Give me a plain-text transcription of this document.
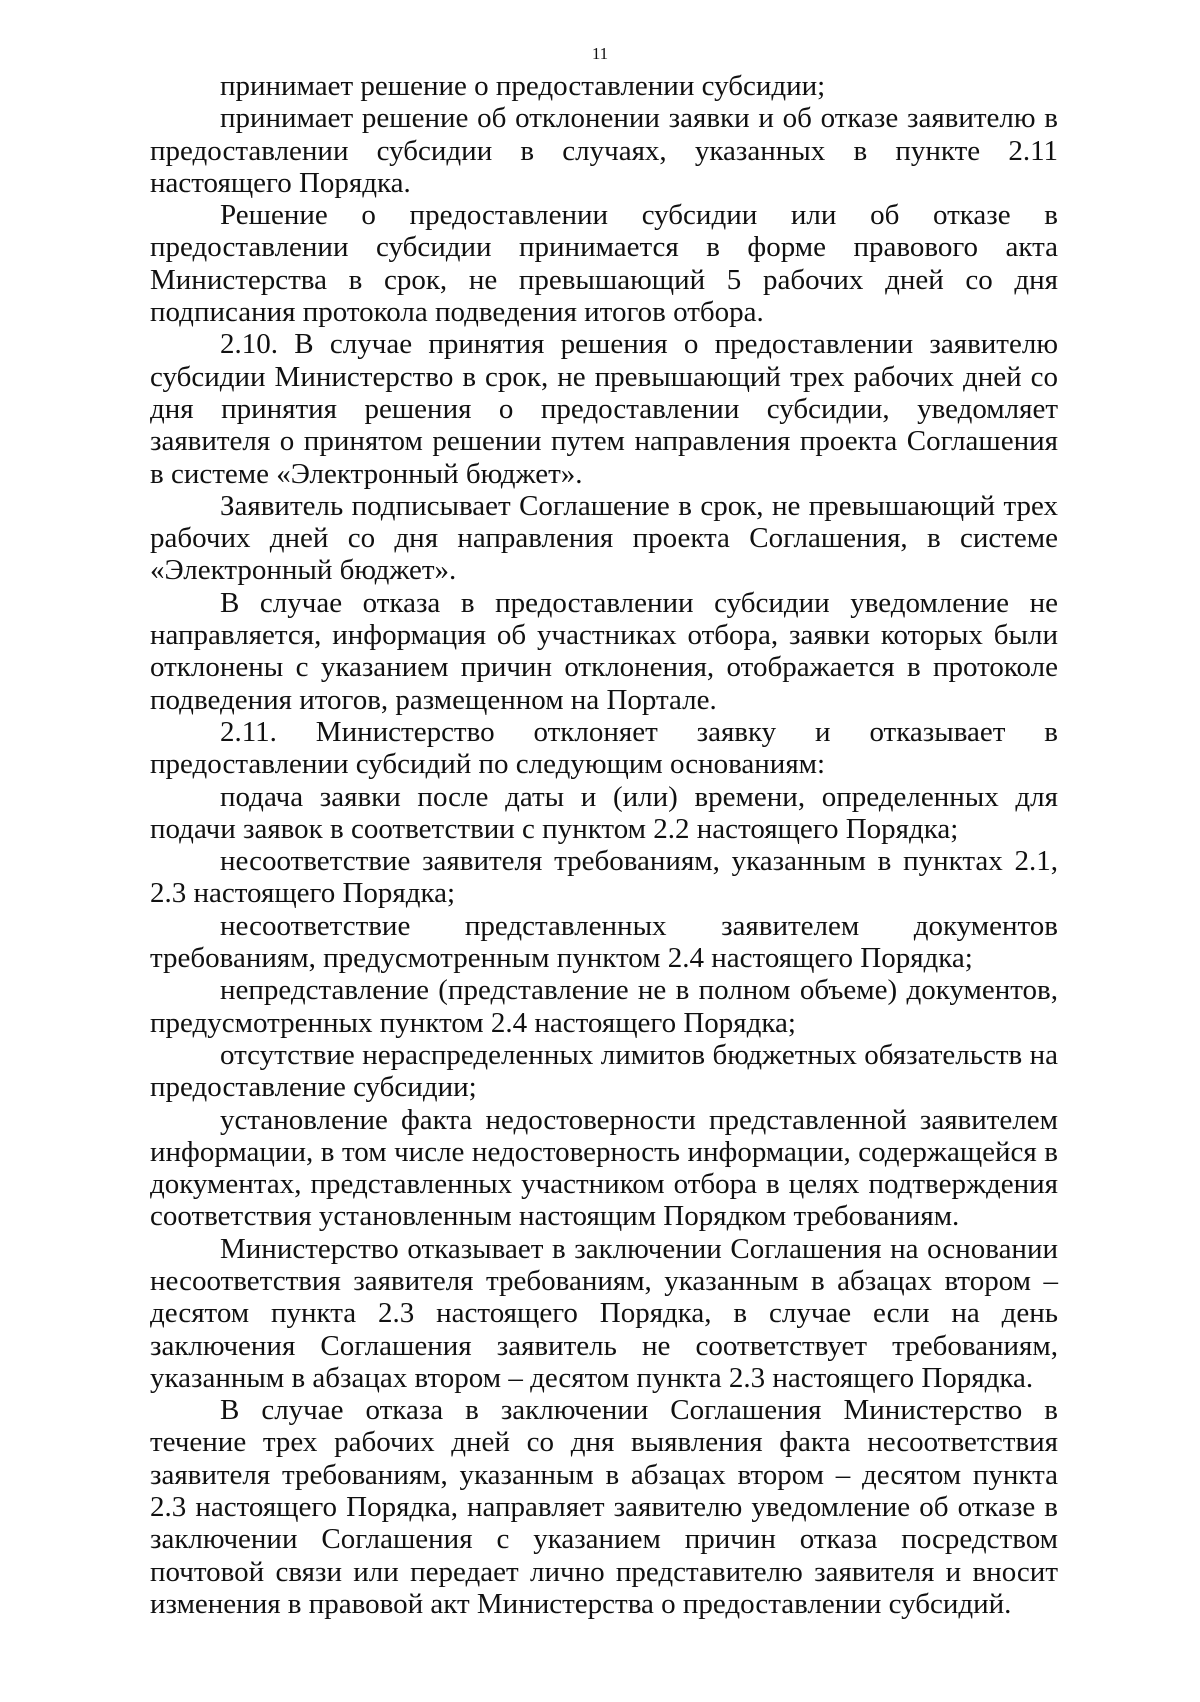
11

принимает решение о предоставлении субсидии;

принимает решение об отклонении заявки и об отказе заявителю в предоставлении субсидии в случаях, указанных в пункте 2.11 настоящего Порядка.

Решение о предоставлении субсидии или об отказе в предоставлении субсидии принимается в форме правового акта Министерства в срок, не превышающий 5 рабочих дней со дня подписания протокола подведения итогов отбора.

2.10. В случае принятия решения о предоставлении заявителю субсидии Министерство в срок, не превышающий трех рабочих дней со дня принятия решения о предоставлении субсидии, уведомляет заявителя о принятом решении путем направления проекта Соглашения в системе «Электронный бюджет».

Заявитель подписывает Соглашение в срок, не превышающий трех рабочих дней со дня направления проекта Соглашения, в системе «Электронный бюджет».

В случае отказа в предоставлении субсидии уведомление не направляется, информация об участниках отбора, заявки которых были отклонены с указанием причин отклонения, отображается в протоколе подведения итогов, размещенном на Портале.

2.11. Министерство отклоняет заявку и отказывает в предоставлении субсидий по следующим основаниям:

подача заявки после даты и (или) времени, определенных для подачи заявок в соответствии с пунктом 2.2 настоящего Порядка;

несоответствие заявителя требованиям, указанным в пунктах 2.1, 2.3 настоящего Порядка;

несоответствие представленных заявителем документов требованиям, предусмотренным пунктом 2.4 настоящего Порядка;

непредставление (представление не в полном объеме) документов, предусмотренных пунктом 2.4 настоящего Порядка;

отсутствие нераспределенных лимитов бюджетных обязательств на предоставление субсидии;

установление факта недостоверности представленной заявителем информации, в том числе недостоверность информации, содержащейся в документах, представленных участником отбора в целях подтверждения соответствия установленным настоящим Порядком требованиям.

Министерство отказывает в заключении Соглашения на основании несоответствия заявителя требованиям, указанным в абзацах втором – десятом пункта 2.3 настоящего Порядка, в случае если на день заключения Соглашения заявитель не соответствует требованиям, указанным в абзацах втором – десятом пункта 2.3 настоящего Порядка.

В случае отказа в заключении Соглашения Министерство в течение трех рабочих дней со дня выявления факта несоответствия заявителя требованиям, указанным в абзацах втором – десятом пункта 2.3 настоящего Порядка, направляет заявителю уведомление об отказе в заключении Соглашения с указанием причин отказа посредством почтовой связи или передает лично представителю заявителя и вносит изменения в правовой акт Министерства о предоставлении субсидий.
